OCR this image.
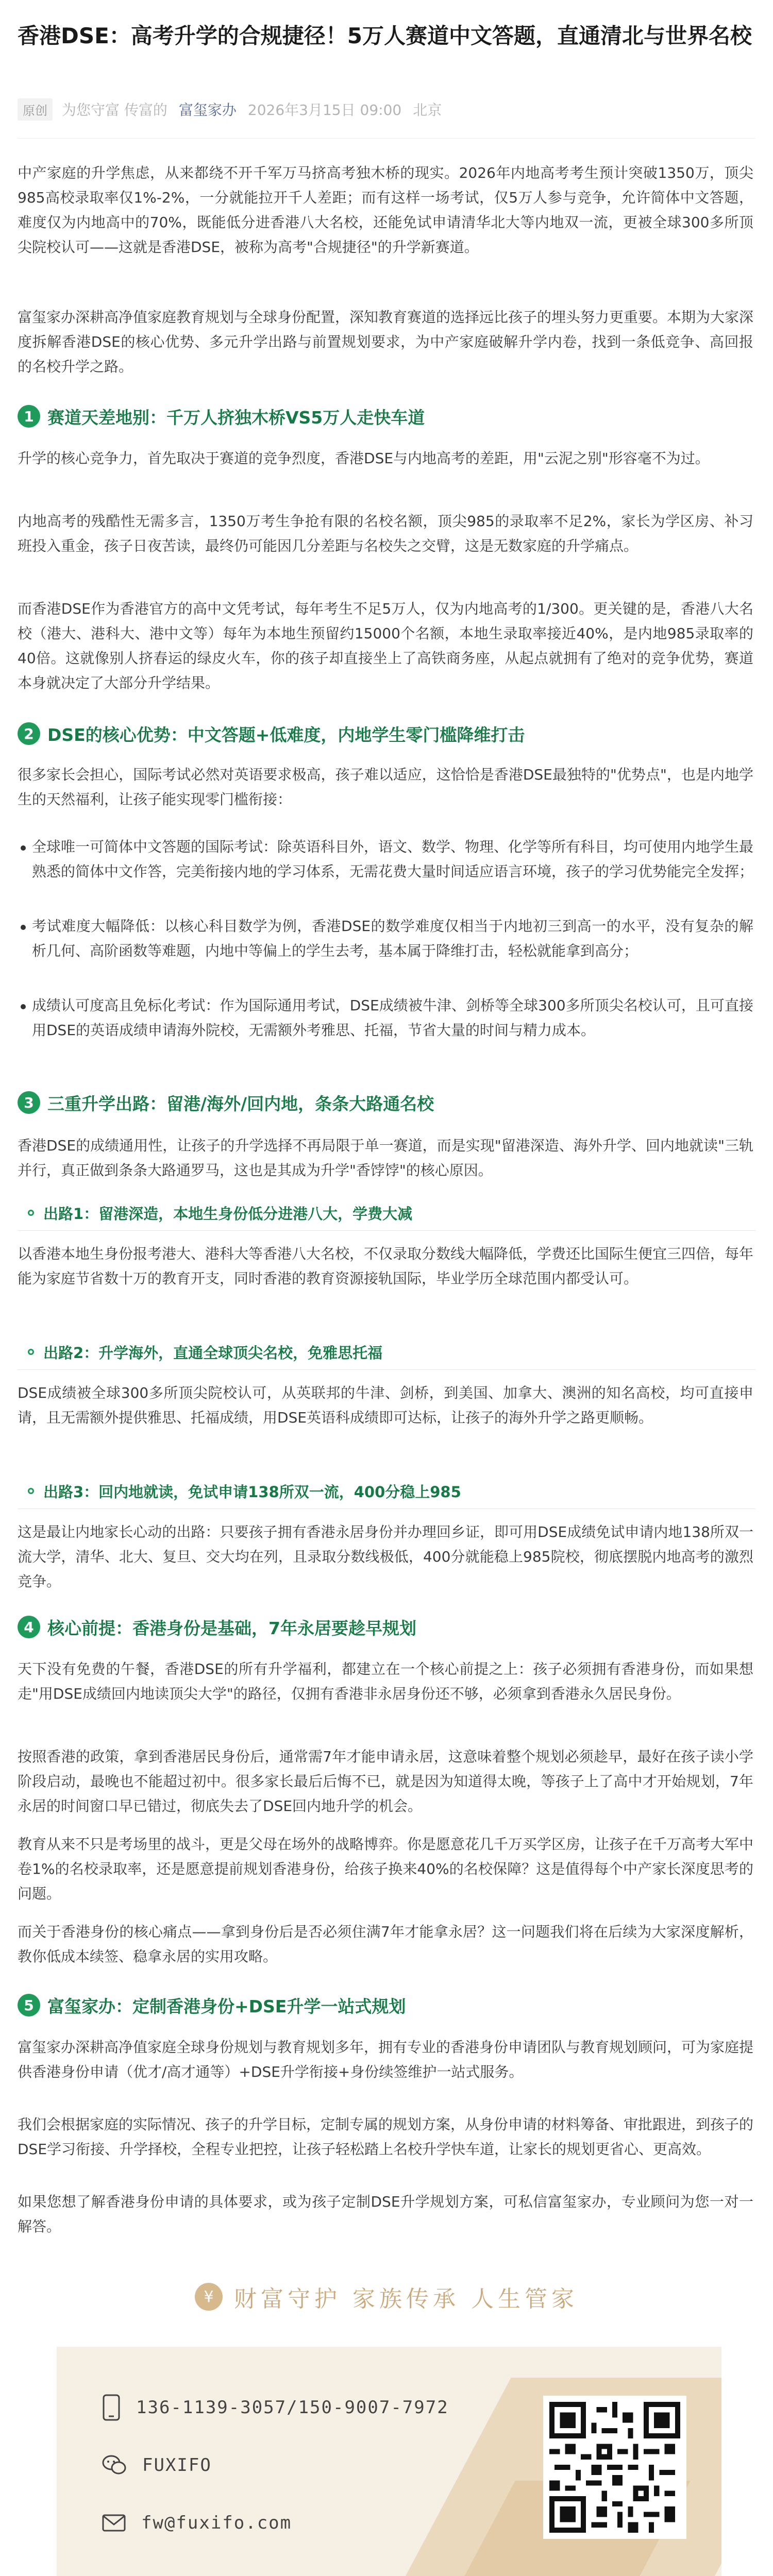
香港DSE：高考升学的合规捷径！5万人赛道中文答题，直通清北与世界名校
原创	为您守富 传富的 富玺家办 2026年3月15日 09:00 北京

中产家庭的升学焦虑，从来都绕不开千军万马挤高考独木桥的现实。2026年内地高考考生预计突破1350万，顶尖985高校录取率仅1%-2%，一分就能拉开千人差距；而有这样一场考试，仅5万人参与竞争，允许简体中文答题，难度仅为内地高中的70%，既能低分进香港八大名校，还能免试申请清华北大等内地双一流，更被全球300多所顶尖院校认可——这就是香港DSE，被称为高考"合规捷径"的升学新赛道。

富玺家办深耕高净值家庭教育规划与全球身份配置，深知教育赛道的选择远比孩子的埋头努力更重要。本期为大家深度拆解香港DSE的核心优势、多元升学出路与前置规划要求，为中产家庭破解升学内卷，找到一条低竞争、高回报的名校升学之路。

1 赛道天差地别：千万人挤独木桥VS5万人走快车道

升学的核心竞争力，首先取决于赛道的竞争烈度，香港DSE与内地高考的差距，用"云泥之别"形容毫不为过。

内地高考的残酷性无需多言，1350万考生争抢有限的名校名额，顶尖985的录取率不足2%，家长为学区房、补习班投入重金，孩子日夜苦读，最终仍可能因几分差距与名校失之交臂，这是无数家庭的升学痛点。

而香港DSE作为香港官方的高中文凭考试，每年考生不足5万人，仅为内地高考的1/300。更关键的是，香港八大名校（港大、港科大、港中文等）每年为本地生预留约15000个名额，本地生录取率接近40%，是内地985录取率的40倍。这就像别人挤春运的绿皮火车，你的孩子却直接坐上了高铁商务座，从起点就拥有了绝对的竞争优势，赛道本身就决定了大部分升学结果。

2 DSE的核心优势：中文答题+低难度，内地学生零门槛降维打击

很多家长会担心，国际考试必然对英语要求极高，孩子难以适应，这恰恰是香港DSE最独特的"优势点"，也是内地学生的天然福利，让孩子能实现零门槛衔接：

全球唯一可简体中文答题的国际考试：除英语科目外，语文、数学、物理、化学等所有科目，均可使用内地学生最熟悉的简体中文作答，完美衔接内地的学习体系，无需花费大量时间适应语言环境，孩子的学习优势能完全发挥；

考试难度大幅降低：以核心科目数学为例，香港DSE的数学难度仅相当于内地初三到高一的水平，没有复杂的解析几何、高阶函数等难题，内地中等偏上的学生去考，基本属于降维打击，轻松就能拿到高分；

成绩认可度高且免标化考试：作为国际通用考试，DSE成绩被牛津、剑桥等全球300多所顶尖名校认可，且可直接用DSE的英语成绩申请海外院校，无需额外考雅思、托福，节省大量的时间与精力成本。

3 三重升学出路：留港/海外/回内地，条条大路通名校

香港DSE的成绩通用性，让孩子的升学选择不再局限于单一赛道，而是实现"留港深造、海外升学、回内地就读"三轨并行，真正做到条条大路通罗马，这也是其成为升学"香饽饽"的核心原因。

出路1：留港深造，本地生身份低分进港八大，学费大减

以香港本地生身份报考港大、港科大等香港八大名校，不仅录取分数线大幅降低，学费还比国际生便宜三四倍，每年能为家庭节省数十万的教育开支，同时香港的教育资源接轨国际，毕业学历全球范围内都受认可。

出路2：升学海外，直通全球顶尖名校，免雅思托福

DSE成绩被全球300多所顶尖院校认可，从英联邦的牛津、剑桥，到美国、加拿大、澳洲的知名高校，均可直接申请，且无需额外提供雅思、托福成绩，用DSE英语科成绩即可达标，让孩子的海外升学之路更顺畅。

出路3：回内地就读，免试申请138所双一流，400分稳上985

这是最让内地家长心动的出路：只要孩子拥有香港永居身份并办理回乡证，即可用DSE成绩免试申请内地138所双一流大学，清华、北大、复旦、交大均在列，且录取分数线极低，400分就能稳上985院校，彻底摆脱内地高考的激烈竞争。

4 核心前提：香港身份是基础，7年永居要趁早规划

天下没有免费的午餐，香港DSE的所有升学福利，都建立在一个核心前提之上：孩子必须拥有香港身份，而如果想走"用DSE成绩回内地读顶尖大学"的路径，仅拥有香港非永居身份还不够，必须拿到香港永久居民身份。

按照香港的政策，拿到香港居民身份后，通常需7年才能申请永居，这意味着整个规划必须趁早，最好在孩子读小学阶段启动，最晚也不能超过初中。很多家长最后后悔不已，就是因为知道得太晚，等孩子上了高中才开始规划，7年永居的时间窗口早已错过，彻底失去了DSE回内地升学的机会。

教育从来不只是考场里的战斗，更是父母在场外的战略博弈。你是愿意花几千万买学区房，让孩子在千万高考大军中卷1%的名校录取率，还是愿意提前规划香港身份，给孩子换来40%的名校保障？这是值得每个中产家长深度思考的问题。

而关于香港身份的核心痛点——拿到身份后是否必须住满7年才能拿永居？这一问题我们将在后续为大家深度解析，教你低成本续签、稳拿永居的实用攻略。

5 富玺家办：定制香港身份+DSE升学一站式规划

富玺家办深耕高净值家庭全球身份规划与教育规划多年，拥有专业的香港身份申请团队与教育规划顾问，可为家庭提供香港身份申请（优才/高才通等）+DSE升学衔接+身份续签维护一站式服务。

我们会根据家庭的实际情况、孩子的升学目标，定制专属的规划方案，从身份申请的材料筹备、审批跟进，到孩子的DSE学习衔接、升学择校，全程专业把控，让孩子轻松踏上名校升学快车道，让家长的规划更省心、更高效。

如果您想了解香港身份申请的具体要求，或为孩子定制DSE升学规划方案，可私信富玺家办，专业顾问为您一对一解答。

¥ 财富守护 家族传承 人生管家
136-1139-3057/150-9007-7972
FUXIFO
fw@fuxifo.com
